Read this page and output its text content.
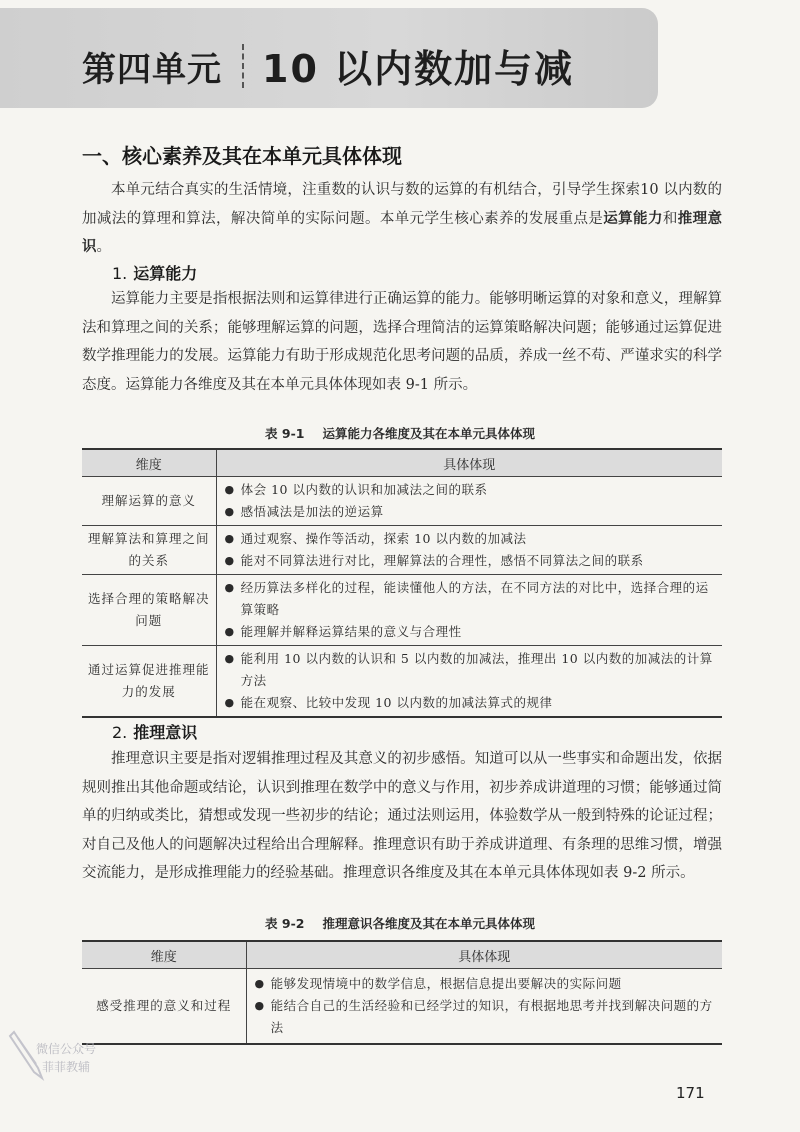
第四单元 10 以内数加与减
一、核心素养及其在本单元具体体现
本单元结合真实的生活情境，注重数的认识与数的运算的有机结合，引导学生探索10 以内数的加减法的算理和算法，解决简单的实际问题。本单元学生核心素养的发展重点是运算能力和推理意识。
1. 运算能力
运算能力主要是指根据法则和运算律进行正确运算的能力。能够明晰运算的对象和意义，理解算法和算理之间的关系；能够理解运算的问题，选择合理简洁的运算策略解决问题；能够通过运算促进数学推理能力的发展。运算能力有助于形成规范化思考问题的品质，养成一丝不苟、严谨求实的科学态度。运算能力各维度及其在本单元具体体现如表 9-1 所示。
表 9-1 运算能力各维度及其在本单元具体体现
维度	具体体现
理解运算的意义	● 体会 10 以内数的认识和加减法之间的联系
● 感悟减法是加法的逆运算

理解算法和算理之间的关系	● 通过观察、操作等活动，探索 10 以内数的加减法
● 能对不同算法进行对比，理解算法的合理性，感悟不同算法之间的联系

选择合理的策略解决问题	● 经历算法多样化的过程，能读懂他人的方法，在不同方法的对比中，选择合理的运算策略
● 能理解并解释运算结果的意义与合理性

通过运算促进推理能力的发展	● 能利用 10 以内数的认识和 5 以内数的加减法，推理出 10 以内数的加减法的计算方法
● 能在观察、比较中发现 10 以内数的加减法算式的规律
2. 推理意识
推理意识主要是指对逻辑推理过程及其意义的初步感悟。知道可以从一些事实和命题出发，依据规则推出其他命题或结论，认识到推理在数学中的意义与作用，初步养成讲道理的习惯；能够通过简单的归纳或类比，猜想或发现一些初步的结论；通过法则运用，体验数学从一般到特殊的论证过程；对自己及他人的问题解决过程给出合理解释。推理意识有助于养成讲道理、有条理的思维习惯，增强交流能力，是形成推理能力的经验基础。推理意识各维度及其在本单元具体体现如表 9-2 所示。
表 9-2 推理意识各维度及其在本单元具体体现
维度	具体体现
感受推理的意义和过程	● 能够发现情境中的数学信息，根据信息提出要解决的实际问题
● 能结合自己的生活经验和已经学过的知识，有根据地思考并找到解决问题的方法
微信公众号
菲菲教辅
171
